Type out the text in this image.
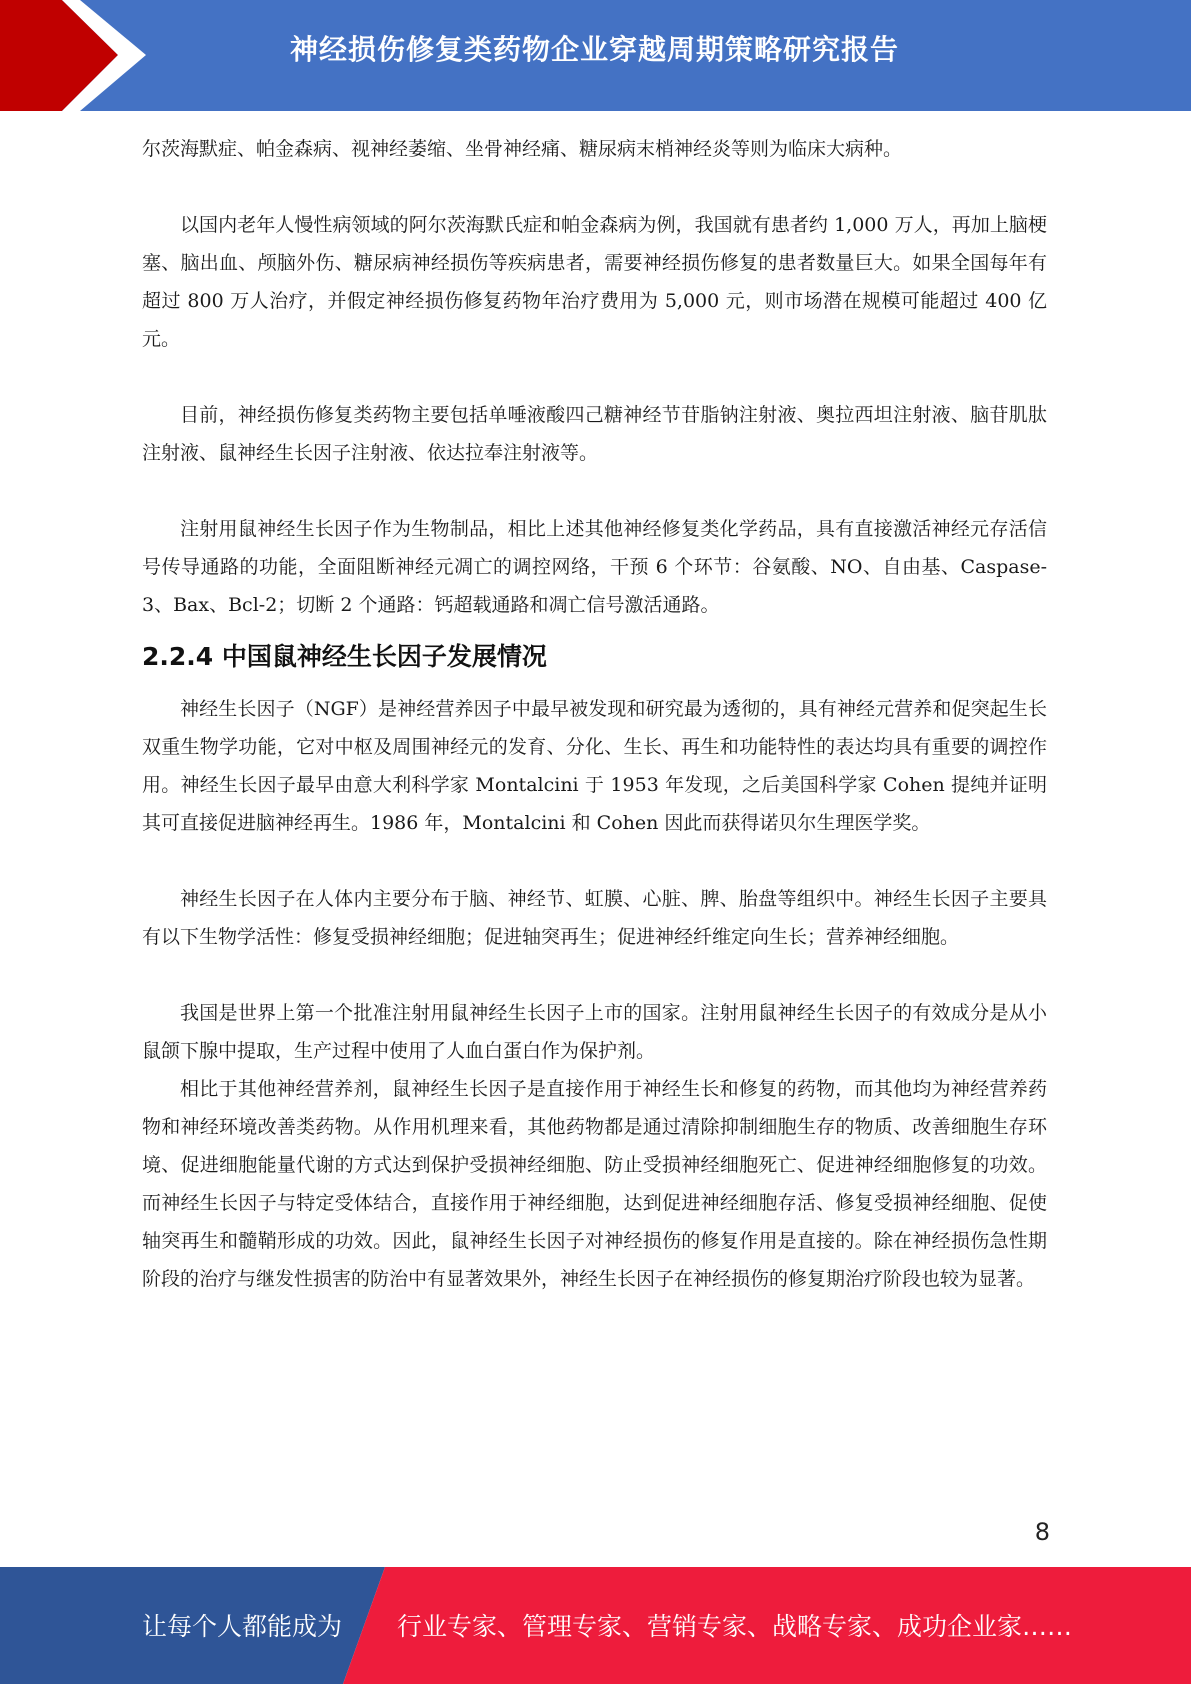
神经损伤修复类药物企业穿越周期策略研究报告

尔茨海默症、帕金森病、视神经萎缩、坐骨神经痛、糖尿病末梢神经炎等则为临床大病种。

以国内老年人慢性病领域的阿尔茨海默氏症和帕金森病为例，我国就有患者约 1,000 万人，再加上脑梗塞、脑出血、颅脑外伤、糖尿病神经损伤等疾病患者，需要神经损伤修复的患者数量巨大。如果全国每年有超过 800 万人治疗，并假定神经损伤修复药物年治疗费用为 5,000 元，则市场潜在规模可能超过 400 亿元。

目前，神经损伤修复类药物主要包括单唾液酸四己糖神经节苷脂钠注射液、奥拉西坦注射液、脑苷肌肽注射液、鼠神经生长因子注射液、依达拉奉注射液等。

注射用鼠神经生长因子作为生物制品，相比上述其他神经修复类化学药品，具有直接激活神经元存活信号传导通路的功能，全面阻断神经元凋亡的调控网络，干预 6 个环节：谷氨酸、NO、自由基、Caspase-3、Bax、Bcl-2；切断 2 个通路：钙超载通路和凋亡信号激活通路。

2.2.4 中国鼠神经生长因子发展情况

神经生长因子（NGF）是神经营养因子中最早被发现和研究最为透彻的，具有神经元营养和促突起生长双重生物学功能，它对中枢及周围神经元的发育、分化、生长、再生和功能特性的表达均具有重要的调控作用。神经生长因子最早由意大利科学家 Montalcini 于 1953 年发现，之后美国科学家 Cohen 提纯并证明其可直接促进脑神经再生。1986 年，Montalcini 和 Cohen 因此而获得诺贝尔生理医学奖。

神经生长因子在人体内主要分布于脑、神经节、虹膜、心脏、脾、胎盘等组织中。神经生长因子主要具有以下生物学活性：修复受损神经细胞；促进轴突再生；促进神经纤维定向生长；营养神经细胞。

我国是世界上第一个批准注射用鼠神经生长因子上市的国家。注射用鼠神经生长因子的有效成分是从小鼠颌下腺中提取，生产过程中使用了人血白蛋白作为保护剂。

相比于其他神经营养剂，鼠神经生长因子是直接作用于神经生长和修复的药物，而其他均为神经营养药物和神经环境改善类药物。从作用机理来看，其他药物都是通过清除抑制细胞生存的物质、改善细胞生存环境、促进细胞能量代谢的方式达到保护受损神经细胞、防止受损神经细胞死亡、促进神经细胞修复的功效。而神经生长因子与特定受体结合，直接作用于神经细胞，达到促进神经细胞存活、修复受损神经细胞、促使轴突再生和髓鞘形成的功效。因此，鼠神经生长因子对神经损伤的修复作用是直接的。除在神经损伤急性期阶段的治疗与继发性损害的防治中有显著效果外，神经生长因子在神经损伤的修复期治疗阶段也较为显著。

8
让每个人都能成为 行业专家、管理专家、营销专家、战略专家、成功企业家……
